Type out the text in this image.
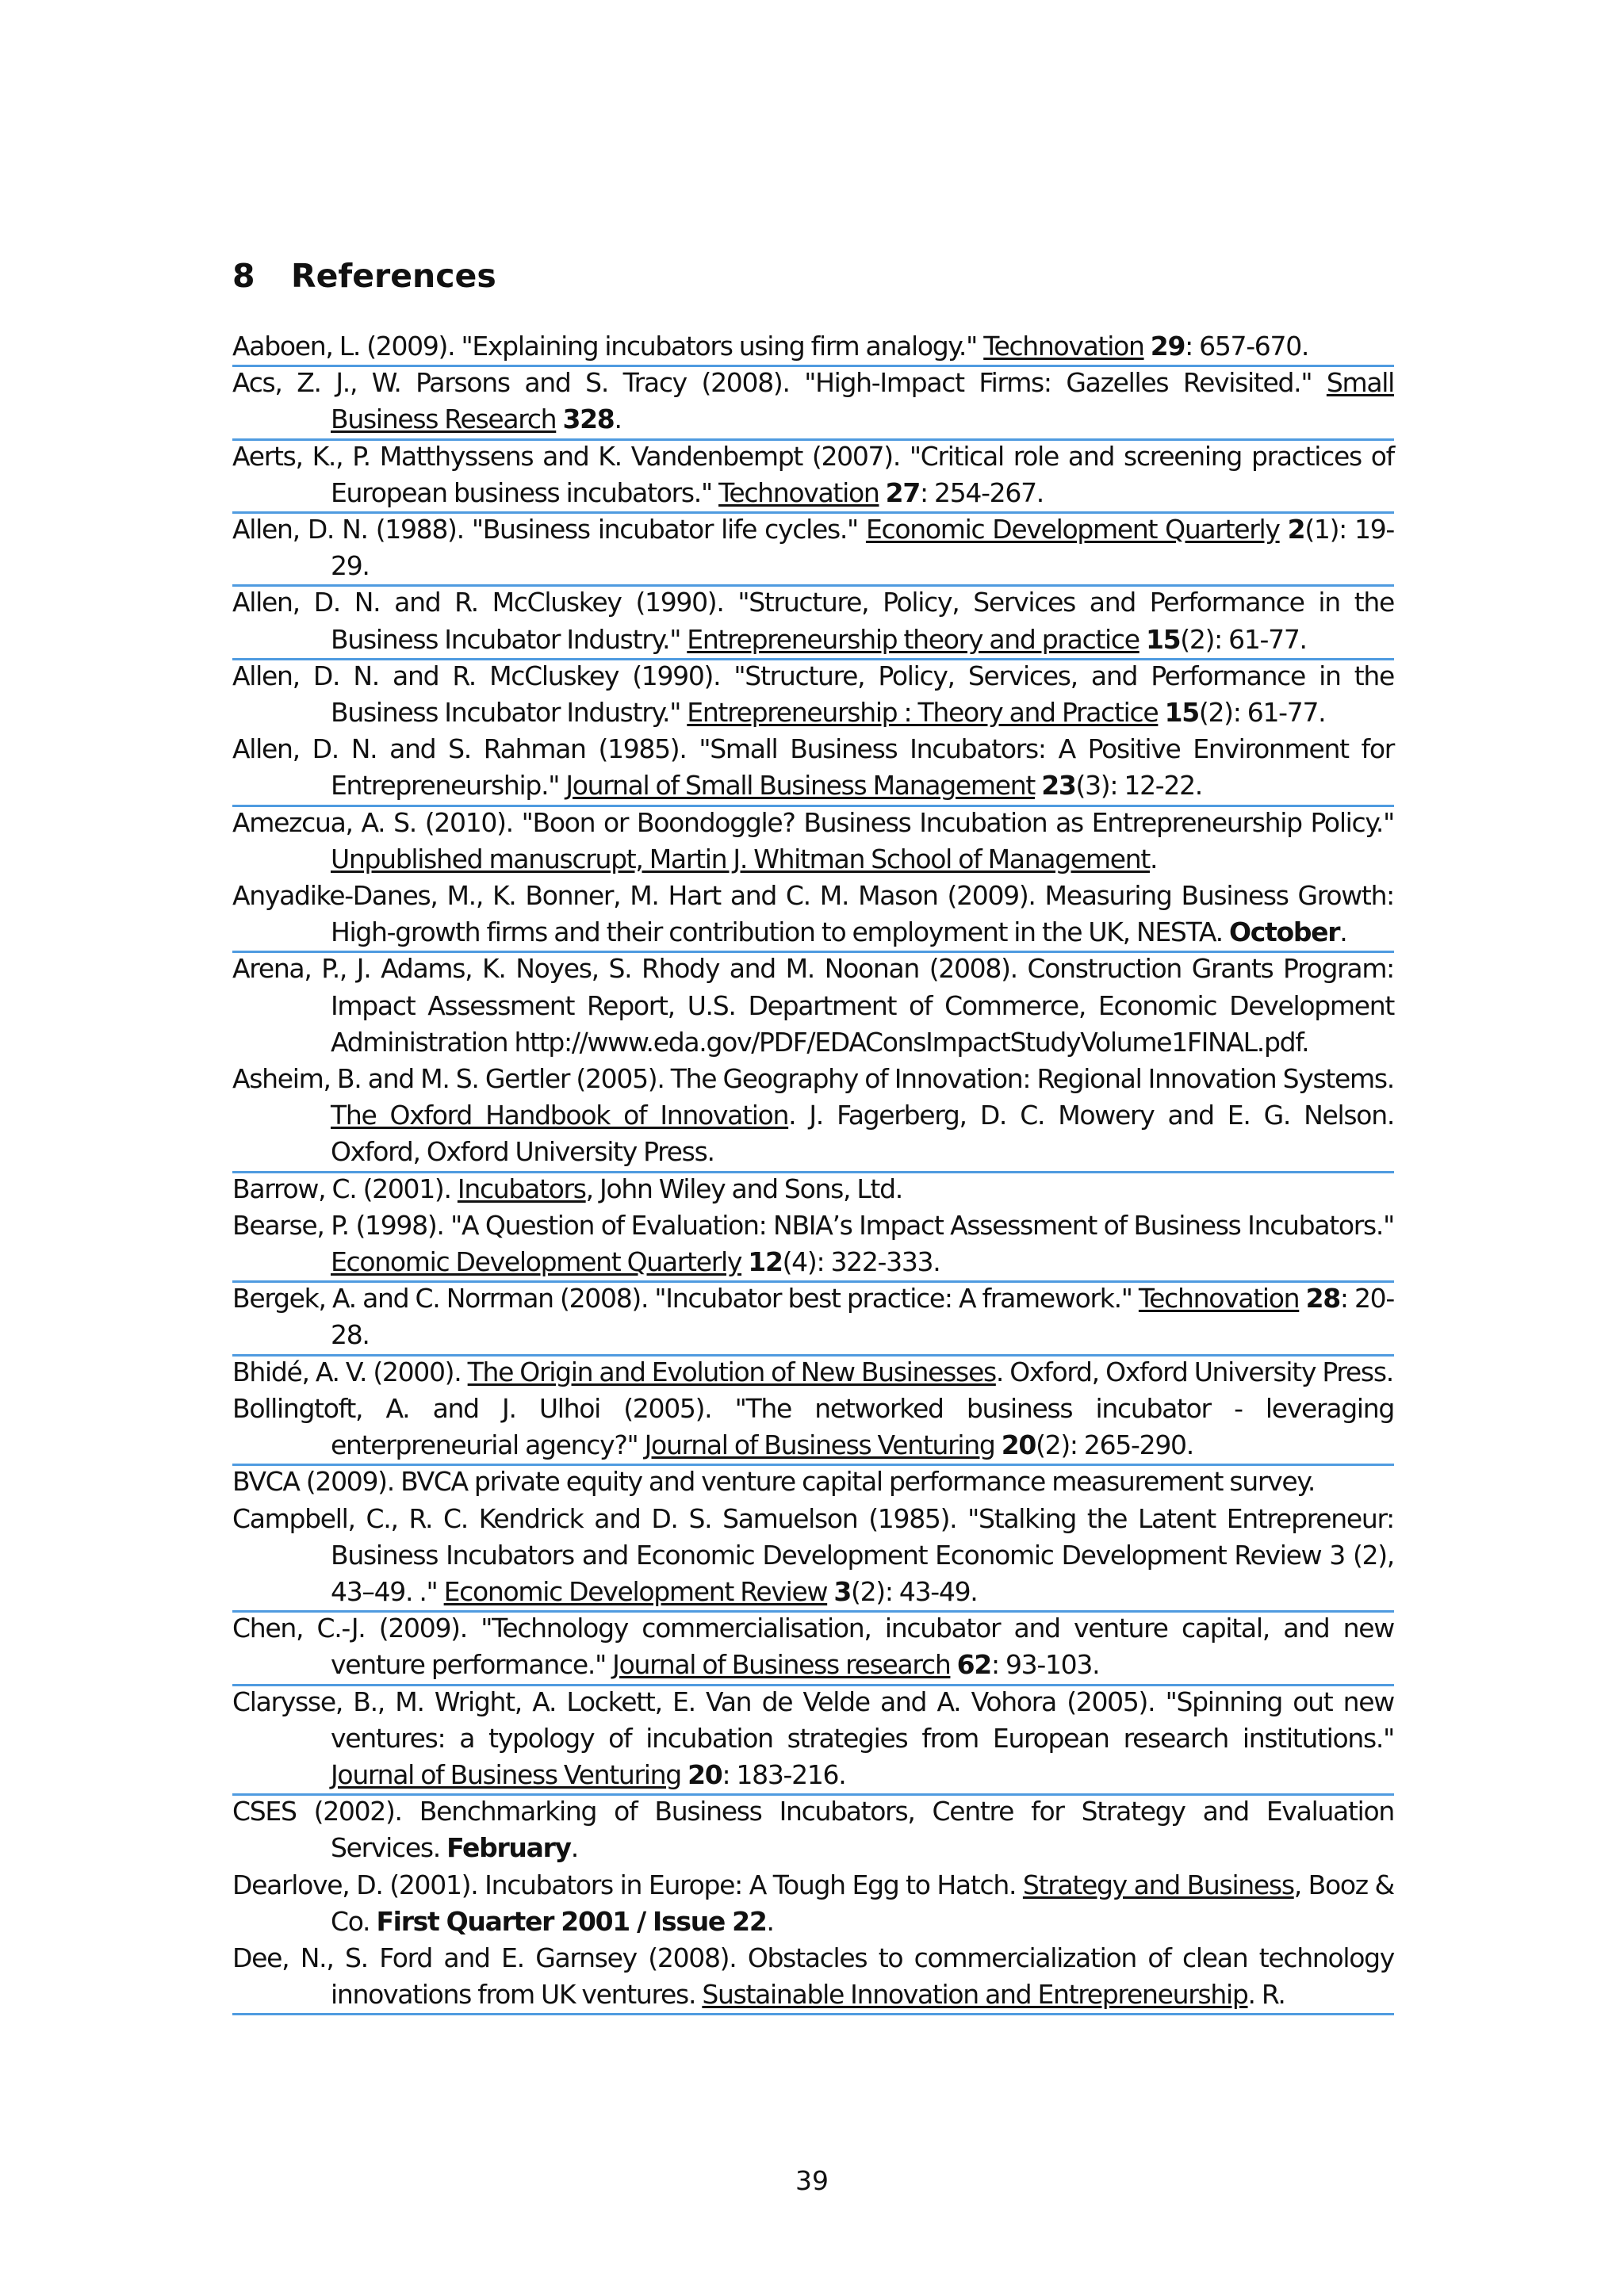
8 References
Aaboen, L. (2009). "Explaining incubators using firm analogy." Technovation 29: 657-670.
Acs, Z. J., W. Parsons and S. Tracy (2008). "High-Impact Firms: Gazelles Revisited." Small Business Research 328.
Aerts, K., P. Matthyssens and K. Vandenbempt (2007). "Critical role and screening practices of European business incubators." Technovation 27: 254-267.
Allen, D. N. (1988). "Business incubator life cycles." Economic Development Quarterly 2(1): 19-29.
Allen, D. N. and R. McCluskey (1990). "Structure, Policy, Services and Performance in the Business Incubator Industry." Entrepreneurship theory and practice 15(2): 61-77.
Allen, D. N. and R. McCluskey (1990). "Structure, Policy, Services, and Performance in the Business Incubator Industry." Entrepreneurship : Theory and Practice 15(2): 61-77.
Allen, D. N. and S. Rahman (1985). "Small Business Incubators: A Positive Environment for Entrepreneurship." Journal of Small Business Management 23(3): 12-22.
Amezcua, A. S. (2010). "Boon or Boondoggle? Business Incubation as Entrepreneurship Policy." Unpublished manuscrupt, Martin J. Whitman School of Management.
Anyadike-Danes, M., K. Bonner, M. Hart and C. M. Mason (2009). Measuring Business Growth: High-growth firms and their contribution to employment in the UK, NESTA. October.
Arena, P., J. Adams, K. Noyes, S. Rhody and M. Noonan (2008). Construction Grants Program: Impact Assessment Report, U.S. Department of Commerce, Economic Development Administration http://www.eda.gov/PDF/EDAConsImpactStudyVolume1FINAL.pdf.
Asheim, B. and M. S. Gertler (2005). The Geography of Innovation: Regional Innovation Systems. The Oxford Handbook of Innovation. J. Fagerberg, D. C. Mowery and E. G. Nelson. Oxford, Oxford University Press.
Barrow, C. (2001). Incubators, John Wiley and Sons, Ltd.
Bearse, P. (1998). "A Question of Evaluation: NBIA’s Impact Assessment of Business Incubators." Economic Development Quarterly 12(4): 322-333.
Bergek, A. and C. Norrman (2008). "Incubator best practice: A framework." Technovation 28: 20-28.
Bhidé, A. V. (2000). The Origin and Evolution of New Businesses. Oxford, Oxford University Press.
Bollingtoft, A. and J. Ulhoi (2005). "The networked business incubator - leveraging enterpreneurial agency?" Journal of Business Venturing 20(2): 265-290.
BVCA (2009). BVCA private equity and venture capital performance measurement survey.
Campbell, C., R. C. Kendrick and D. S. Samuelson (1985). "Stalking the Latent Entrepreneur: Business Incubators and Economic Development Economic Development Review 3 (2), 43–49. ." Economic Development Review 3(2): 43-49.
Chen, C.-J. (2009). "Technology commercialisation, incubator and venture capital, and new venture performance." Journal of Business research 62: 93-103.
Clarysse, B., M. Wright, A. Lockett, E. Van de Velde and A. Vohora (2005). "Spinning out new ventures: a typology of incubation strategies from European research institutions." Journal of Business Venturing 20: 183-216.
CSES (2002). Benchmarking of Business Incubators, Centre for Strategy and Evaluation Services. February.
Dearlove, D. (2001). Incubators in Europe: A Tough Egg to Hatch. Strategy and Business, Booz & Co. First Quarter 2001 / Issue 22.
Dee, N., S. Ford and E. Garnsey (2008). Obstacles to commercialization of clean technology innovations from UK ventures. Sustainable Innovation and Entrepreneurship. R.
39
